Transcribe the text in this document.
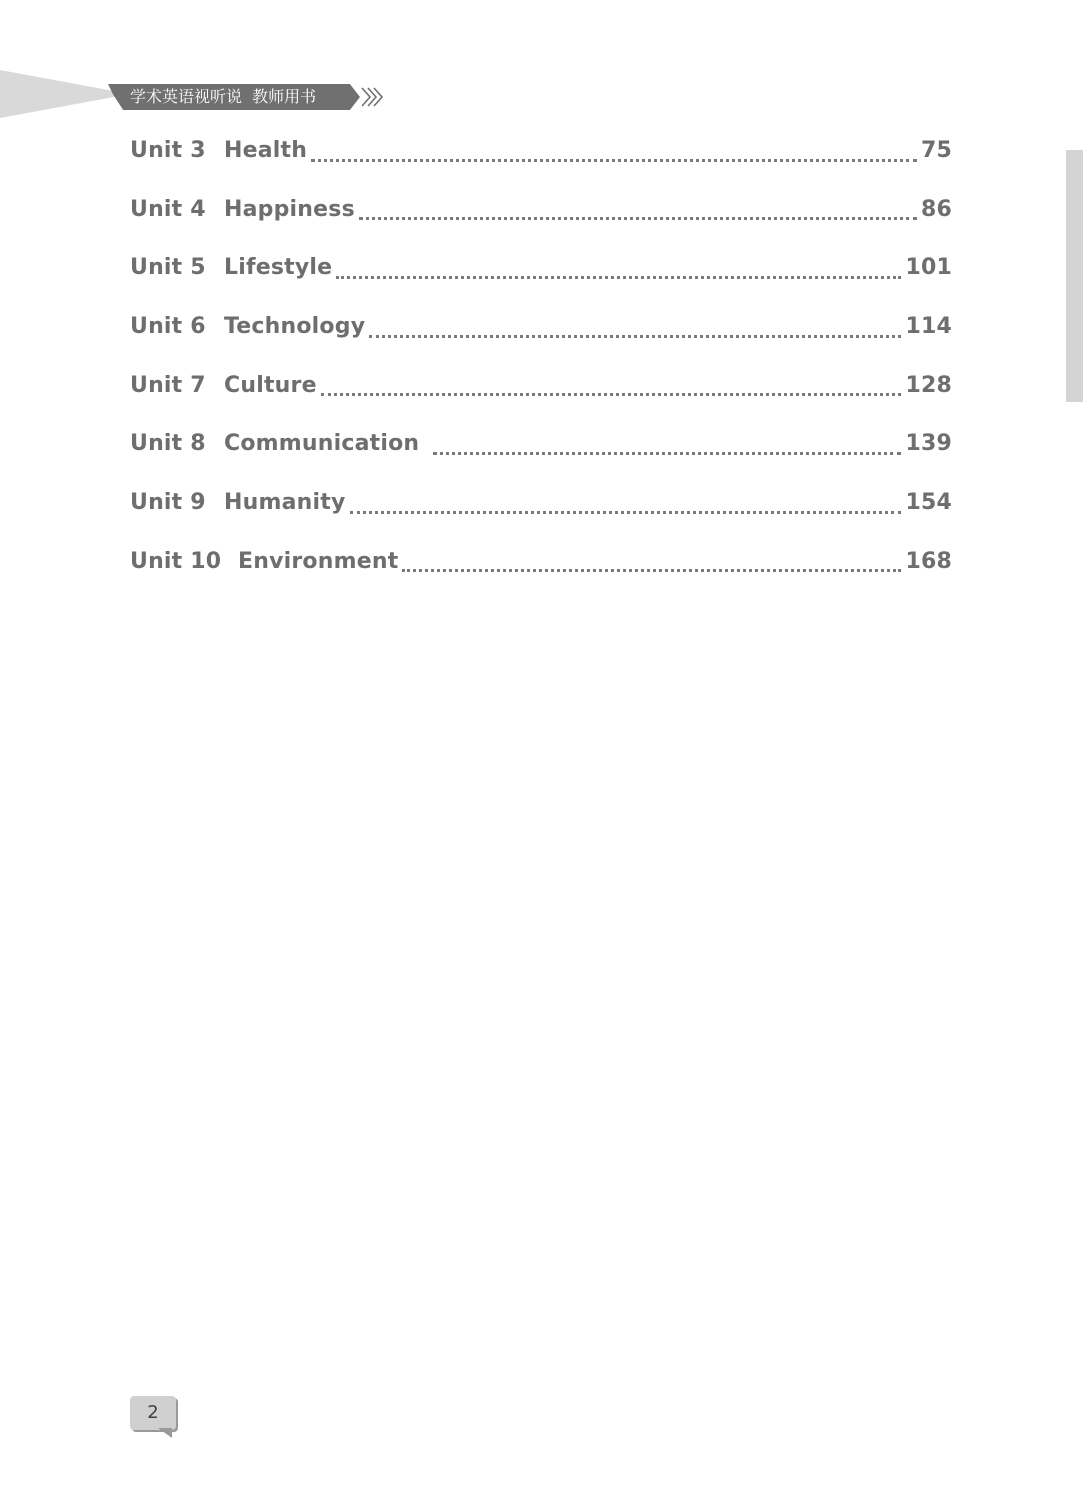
学术英语视听说  教师用书
Unit 3 Health	75
Unit 4 Happiness	86
Unit 5 Lifestyle	101
Unit 6 Technology	114
Unit 7 Culture	128
Unit 8 Communication	139
Unit 9 Humanity	154
Unit 10 Environment	168
2
